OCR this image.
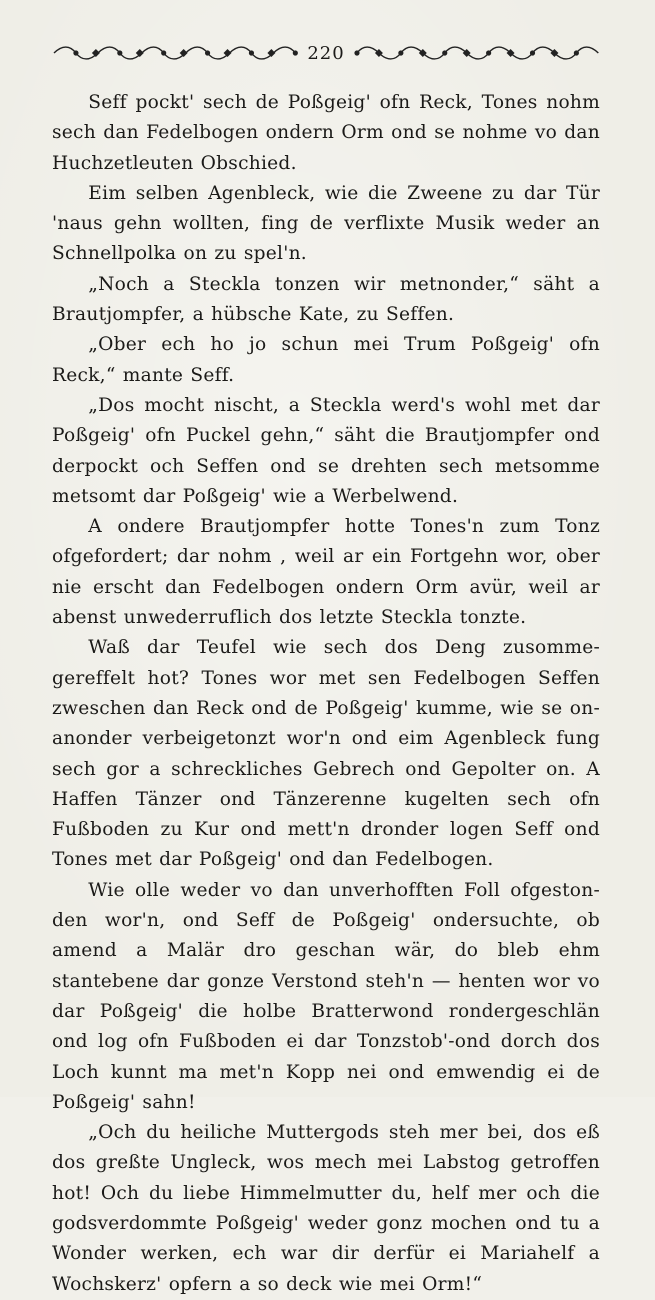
220

Seff pockt' sech de Poßgeig' ofn Reck, Tones nohm sech dan Fedelbogen ondern Orm ond se nohme vo dan Huchzetleuten Obschied.

Eim selben Agenbleck, wie die Zweene zu dar Tür 'naus gehn wollten, fing de verflixte Musik weder an Schnellpolka on zu spel'n.

„Noch a Steckla tonzen wir metnonder,“ säht a Brautjompfer, a hübsche Kate, zu Seffen.

„Ober ech ho jo schun mei Trum Poßgeig' ofn Reck,“ mante Seff.

„Dos mocht nischt, a Steckla werd's wohl met dar Poßgeig' ofn Puckel gehn,“ säht die Brautjompfer ond derpockt och Seffen ond se drehten sech metsomme metsomt dar Poßgeig' wie a Werbelwend.

A ondere Brautjompfer hotte Tones'n zum Tonz ofgefordert; dar nohm , weil ar ein Fortgehn wor, ober nie erscht dan Fedelbogen ondern Orm avür, weil ar abenst unwederruflich dos letzte Steckla tonzte.

Waß dar Teufel wie sech dos Deng zusomme-gereffelt hot? Tones wor met sen Fedelbogen Seffen zweschen dan Reck ond de Poßgeig' kumme, wie se on-anonder verbeigetonzt wor'n ond eim Agenbleck fung sech gor a schreckliches Gebrech ond Gepolter on. A Haffen Tänzer ond Tänzerenne kugelten sech ofn Fußboden zu Kur ond mett'n dronder logen Seff ond Tones met dar Poßgeig' ond dan Fedelbogen.

Wie olle weder vo dan unverhofften Foll ofgeston-den wor'n, ond Seff de Poßgeig' ondersuchte, ob amend a Malär dro geschan wär, do bleb ehm stantebene dar gonze Verstond steh'n — henten wor vo dar Poßgeig' die holbe Bratterwond rondergeschlän ond log ofn Fußboden ei dar Tonzstob'-ond dorch dos Loch kunnt ma met'n Kopp nei ond emwendig ei de Poßgeig' sahn!

„Och du heiliche Muttergods steh mer bei, dos eß dos greßte Ungleck, wos mech mei Labstog getroffen hot! Och du liebe Himmelmutter du, helf mer och die godsverdommte Poßgeig' weder gonz mochen ond tu a Wonder werken, ech war dir derfür ei Mariahelf a Wochskerz' opfern a so deck wie mei Orm!“
